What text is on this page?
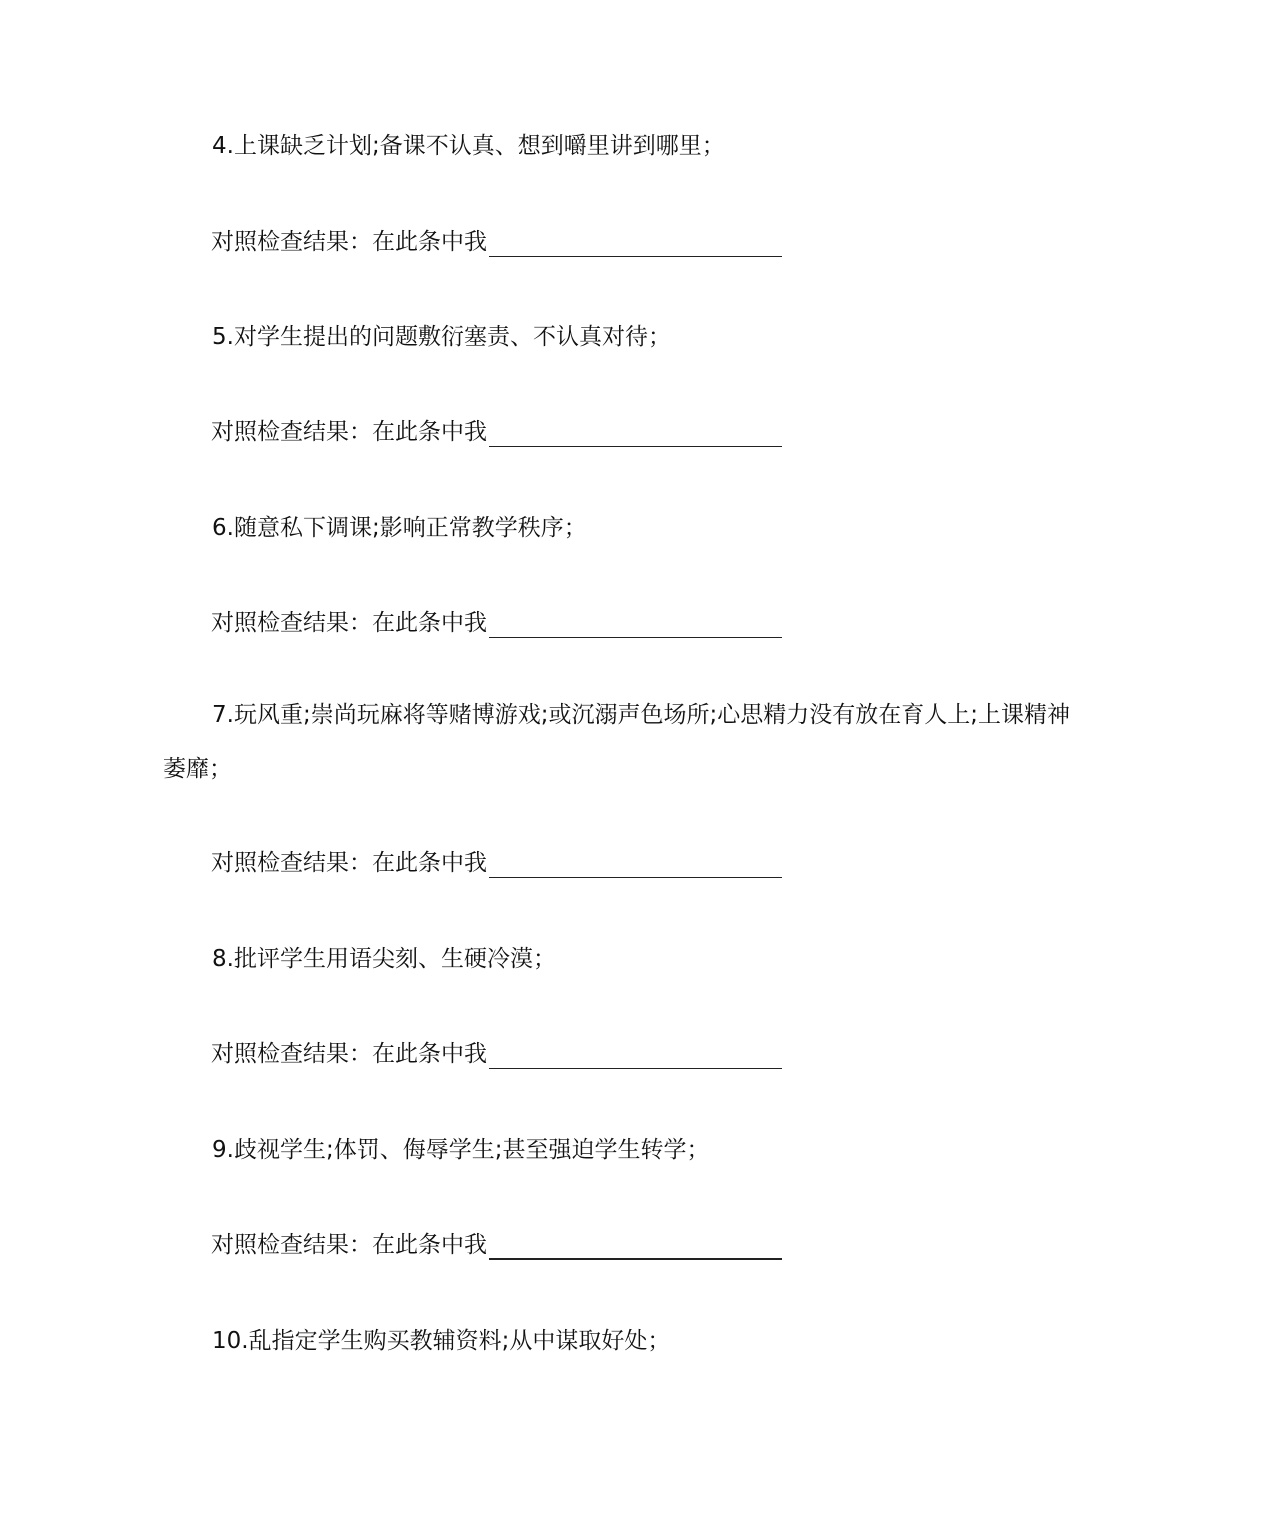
4.上课缺乏计划;备课不认真、想到嚼里讲到哪里；
对照检查结果：在此条中我
5.对学生提出的问题敷衍塞责、不认真对待；
对照检查结果：在此条中我
6.随意私下调课;影响正常教学秩序；
对照检查结果：在此条中我
7.玩风重;崇尚玩麻将等赌博游戏;或沉溺声色场所;心思精力没有放在育人上;上课精神
萎靡；
对照检查结果：在此条中我
8.批评学生用语尖刻、生硬冷漠；
对照检查结果：在此条中我
9.歧视学生;体罚、侮辱学生;甚至强迫学生转学；
对照检查结果：在此条中我
10.乱指定学生购买教辅资料;从中谋取好处；
